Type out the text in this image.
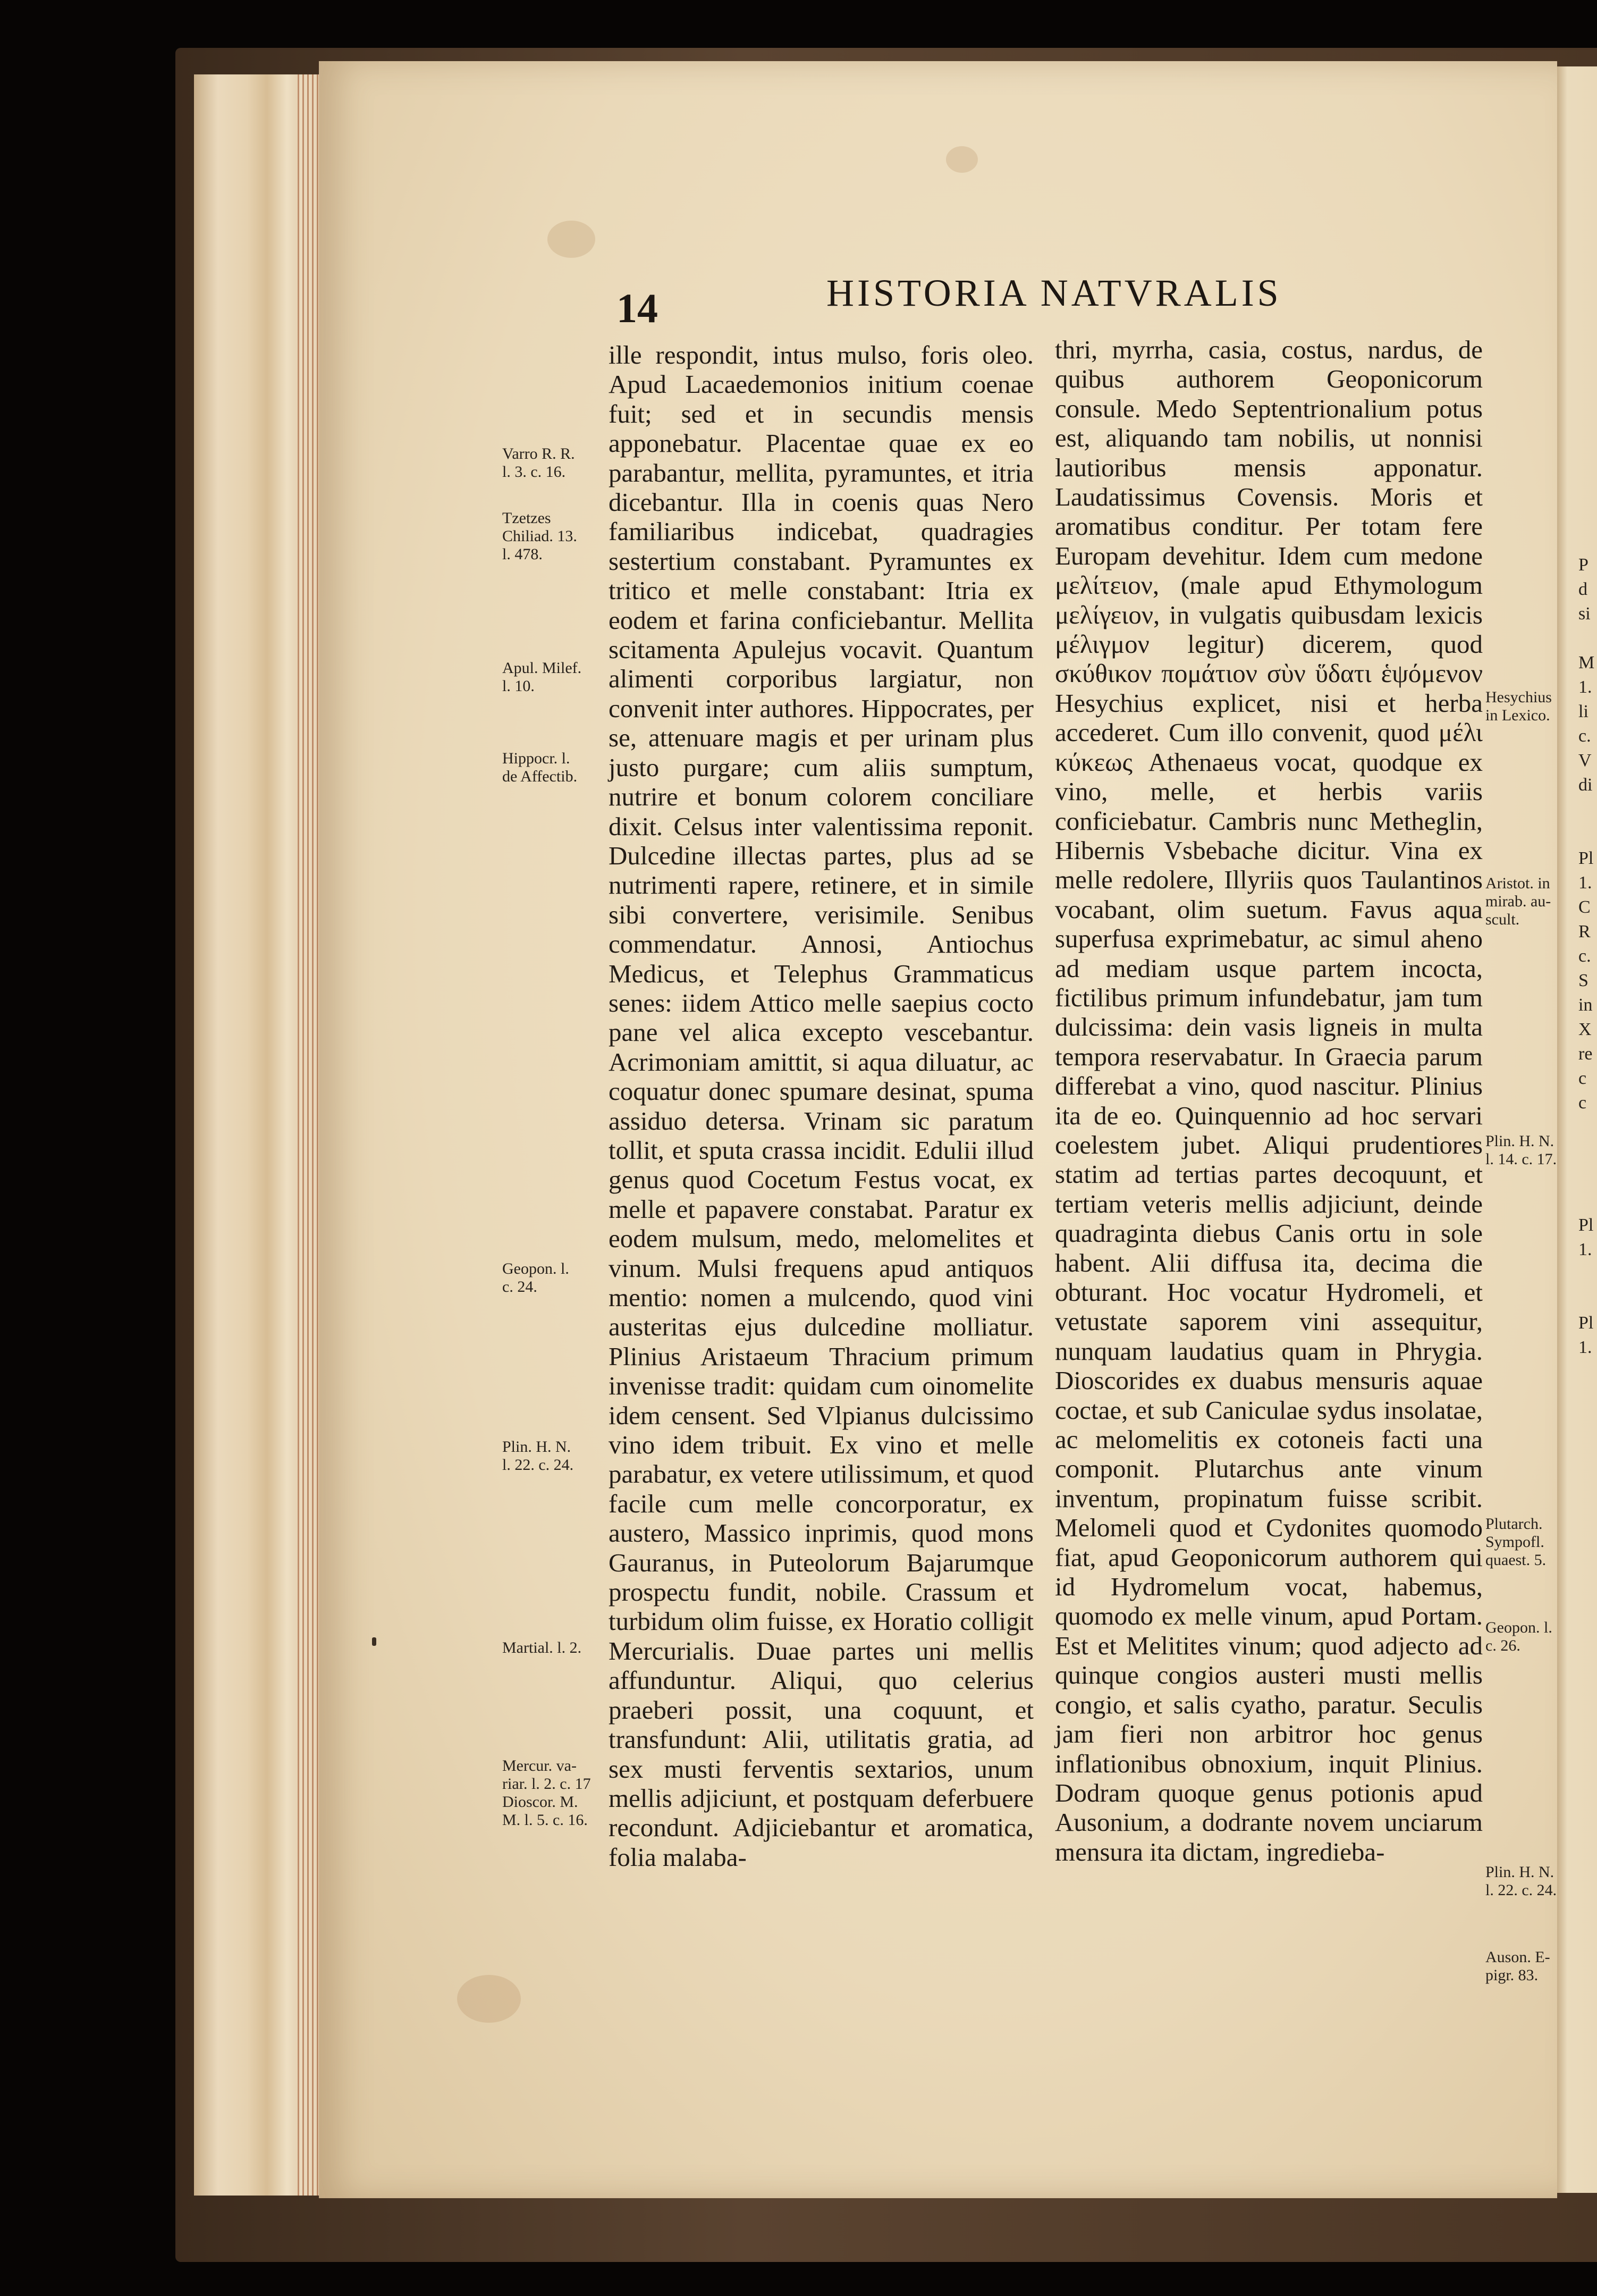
14	HISTORIA NATVRALIS

ille respondit, intus mulso, foris oleo. Apud Lacaedemonios initium coenae fuit; sed et in secundis mensis apponebatur. Placentae quae ex eo parabantur, mellita, pyramuntes, et itria dicebantur. Illa in coenis quas Nero familiaribus indicebat, quadragies sestertium constabant. Pyramuntes ex tritico et melle constabant: Itria ex eodem et farina conficiebantur. Mellita scitamenta Apulejus vocavit. Quantum alimenti corporibus largiatur, non convenit inter authores. Hippocrates, per se, attenuare magis et per urinam plus justo purgare; cum aliis sumptum, nutrire et bonum colorem conciliare dixit. Celsus inter valentissima reponit. Dulcedine illectas partes, plus ad se nutrimenti rapere, retinere, et in simile sibi convertere, verisimile. Senibus commendatur. Annosi, Antiochus Medicus, et Telephus Grammaticus senes: iidem Attico melle saepius cocto pane vel alica excepto vescebantur. Acrimoniam amittit, si aqua diluatur, ac coquatur donec spumare desinat, spuma assiduo detersa. Vrinam sic paratum tollit, et sputa crassa incidit. Edulii illud genus quod Cocetum Festus vocat, ex melle et papavere constabat. Paratur ex eodem mulsum, medo, melomelites et vinum. Mulsi frequens apud antiquos mentio: nomen a mulcendo, quod vini austeritas ejus dulcedine molliatur. Plinius Aristaeum Thracium primum invenisse tradit: quidam cum oinomelite idem censent. Sed Vlpianus dulcissimo vino idem tribuit. Ex vino et melle parabatur, ex vetere utilissimum, et quod facile cum melle concorporatur, ex austero, Massico inprimis, quod mons Gauranus, in Puteolorum Bajarumque prospectu fundit, nobile. Crassum et turbidum olim fuisse, ex Horatio colligit Mercurialis. Duae partes uni mellis affunduntur. Aliqui, quo celerius praeberi possit, una coquunt, et transfundunt: Alii, utilitatis gratia, ad sex musti ferventis sextarios, unum mellis adjiciunt, et postquam deferbuere recondunt. Adjiciebantur et aromatica, folia malaba-

thri, myrrha, casia, costus, nardus, de quibus authorem Geoponicorum consule. Medo Septentrionalium potus est, aliquando tam nobilis, ut nonnisi lautioribus mensis apponatur. Laudatissimus Covensis. Moris et aromatibus conditur. Per totam fere Europam devehitur. Idem cum medone μελίτειον, (male apud Ethymologum μελίγειον, in vulgatis quibusdam lexicis μέλιγμον legitur) dicerem, quod σκύθικον πομάτιον σὺν ὕδατι ἑψόμενον Hesychius explicet, nisi et herba accederet. Cum illo convenit, quod μέλι κύκεως Athenaeus vocat, quodque ex vino, melle, et herbis variis conficiebatur. Cambris nunc Metheglin, Hibernis Vsbebache dicitur. Vina ex melle redolere, Illyriis quos Taulantinos vocabant, olim suetum. Favus aqua superfusa exprimebatur, ac simul aheno ad mediam usque partem incocta, fictilibus primum infundebatur, jam tum dulcissima: dein vasis ligneis in multa tempora reservabatur. In Graecia parum differebat a vino, quod nascitur. Plinius ita de eo. Quinquennio ad hoc servari coelestem jubet. Aliqui prudentiores statim ad tertias partes decoquunt, et tertiam veteris mellis adjiciunt, deinde quadraginta diebus Canis ortu in sole habent. Alii diffusa ita, decima die obturant. Hoc vocatur Hydromeli, et vetustate saporem vini assequitur, nunquam laudatius quam in Phrygia. Dioscorides ex duabus mensuris aquae coctae, et sub Caniculae sydus insolatae, ac melomelitis ex cotoneis facti una componit. Plutarchus ante vinum inventum, propinatum fuisse scribit. Melomeli quod et Cydonites quomodo fiat, apud Geoponicorum authorem qui id Hydromelum vocat, habemus, quomodo ex melle vinum, apud Portam. Est et Melitites vinum; quod adjecto ad quinque congios austeri musti mellis congio, et salis cyatho, paratur. Seculis jam fieri non arbitror hoc genus inflationibus obnoxium, inquit Plinius. Dodram quoque genus potionis apud Ausonium, a dodrante novem unciarum mensura ita dictam, ingredieba-

Varro R. R.
l. 3. c. 16.
Tzetzes
Chiliad. 13.
l. 478.
Apul. Milef.
l. 10.
Hippocr. l.
de Affectib.
Geopon. l.
c. 24.
Plin. H. N.
l. 22. c. 24.
Martial. l. 2.
Mercur. va-
riar. l. 2. c. 17
Dioscor. M.
M. l. 5. c. 16.
Hesychius
in Lexico.
Aristot. in
mirab. au-
scult.
Plin. H. N.
l. 14. c. 17.
Plutarch.
Sympofl.
quaest. 5.
Geopon. l.
c. 26.
Plin. H. N.
l. 22. c. 24.
Auson. E-
pigr. 83.
P
d
si

M
1.
li
c.
V
di

Pl
1.
C
R
c.
S
in
X
re
c
c

Pl
1.

Pl
1.
